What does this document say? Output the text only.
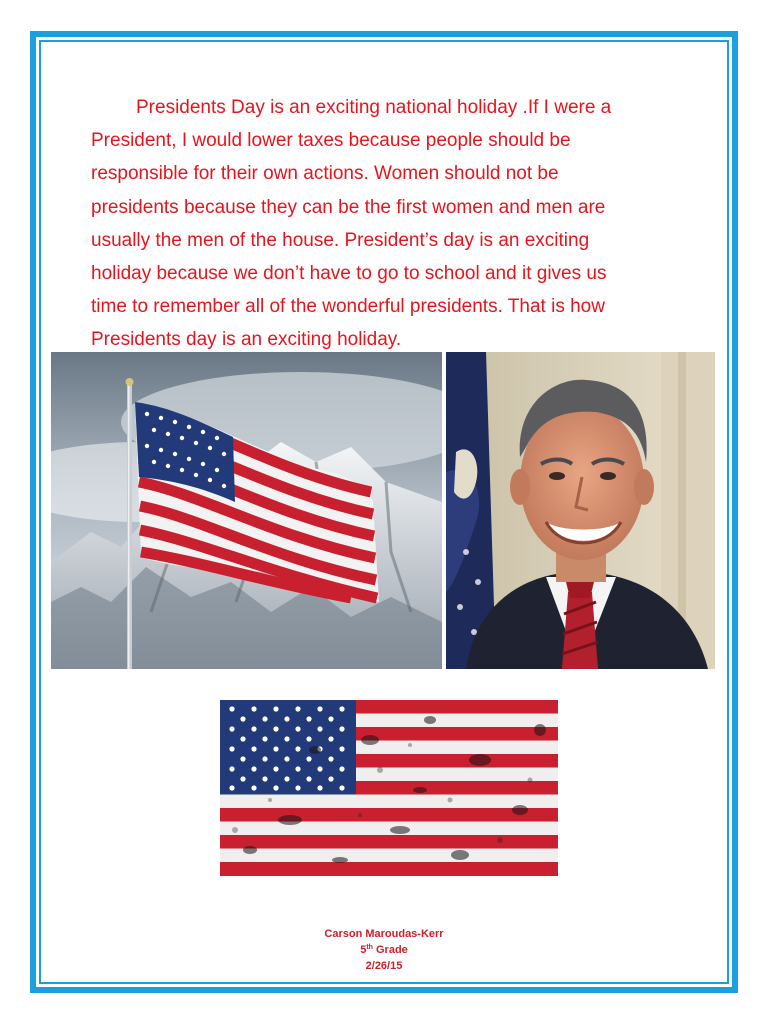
Presidents Day is an exciting national holiday .If I were a
President, I would lower taxes because people should be
responsible for their own actions. Women should not be
presidents because they can be the first women and men are
usually the men of the house. President’s day is an exciting
holiday because we don’t have to go to school and it gives us
time to remember all of the wonderful presidents. That is how
Presidents day is an exciting holiday.

Carson Maroudas-Kerr
5th Grade
2/26/15
